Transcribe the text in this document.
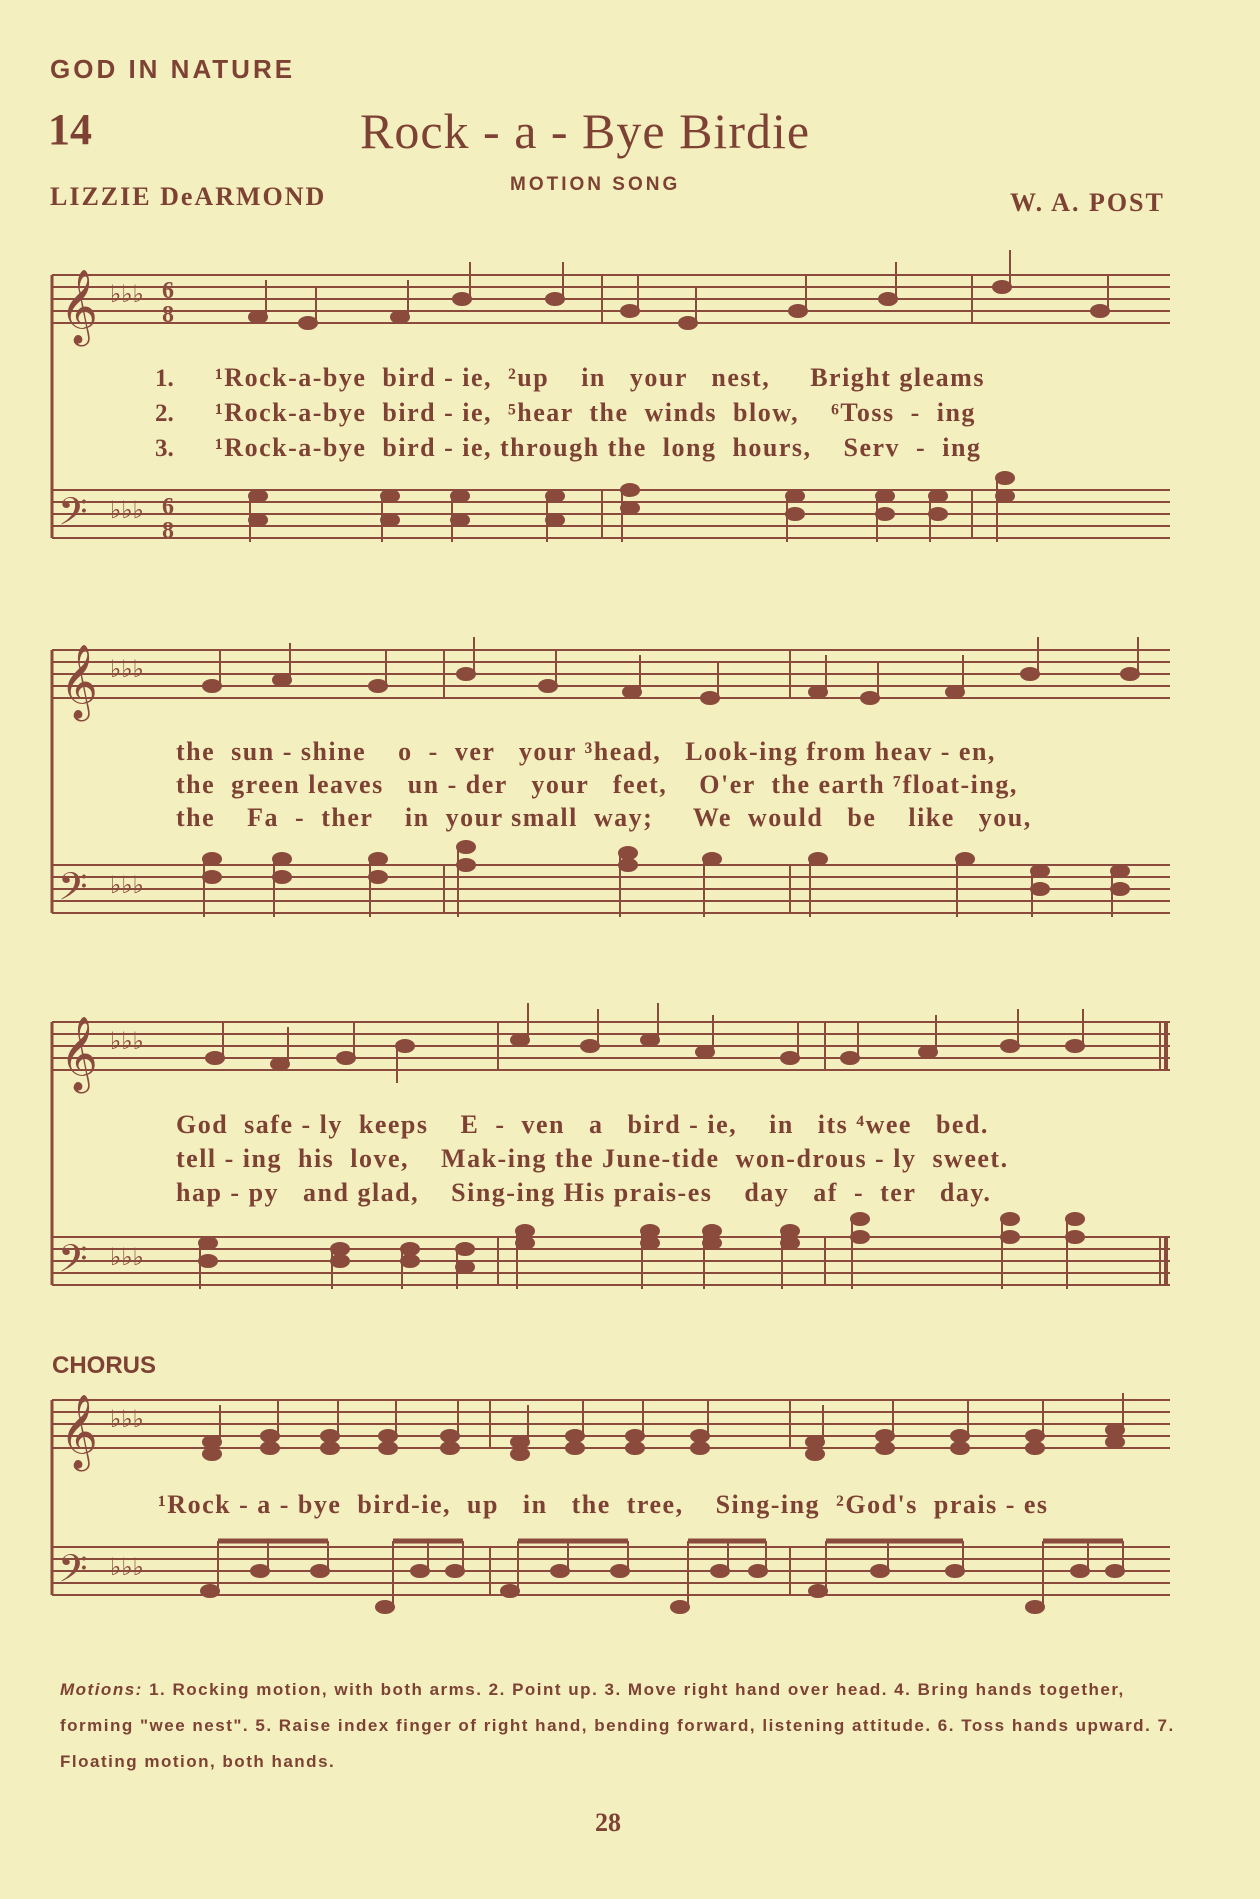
GOD IN NATURE
14	Rock - a - Bye Birdie
MOTION SONG
LIZZIE DeARMOND	W. A. POST
𝄞
𝄢
♭♭♭
♭♭♭
6
8
6
8
1. ¹Rock-a-bye  bird - ie,  ²up    in   your   nest,     Bright gleams
2. ¹Rock-a-bye  bird - ie,  ⁵hear  the  winds  blow,    ⁶Toss  -  ing
3. ¹Rock-a-bye  bird - ie, through the  long  hours,    Serv  -  ing
𝄞
𝄢
♭♭♭
♭♭♭
the  sun - shine    o  -  ver   your ³head,   Look-ing from heav - en,
the  green leaves   un - der   your   feet,    O'er  the earth ⁷float-ing,
the    Fa  -  ther    in  your small  way;     We  would   be    like   you,
𝄞
𝄢
♭♭♭
♭♭♭
God  safe - ly  keeps    E  -  ven   a   bird - ie,    in   its ⁴wee   bed.
tell - ing  his  love,    Mak-ing the June-tide  won-drous - ly  sweet.
hap - py   and glad,    Sing-ing His prais-es    day   af  -  ter   day.
CHORUS
𝄞
𝄢
♭♭♭
♭♭♭
¹Rock - a - bye  bird-ie,  up   in   the  tree,    Sing-ing  ²God's  prais - es
Motions: 1. Rocking motion, with both arms. 2. Point up. 3. Move right hand over head. 4. Bring hands together, forming "wee nest". 5. Raise index finger of right hand, bending forward, listening attitude. 6. Toss hands upward. 7. Floating motion, both hands.
28
